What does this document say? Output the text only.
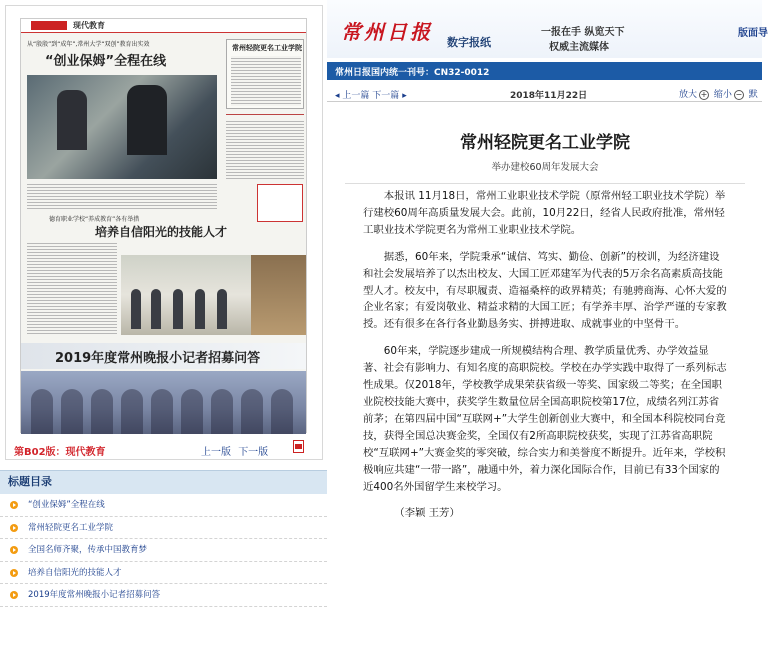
现代教育
从“殷殷”到“成年”,常州大学“双创”教育出实效
“创业保姆”全程在线
常州轻院更名工业学院
德育职业学校“养成教育”各有举措
培养自信阳光的技能人才
2019年度常州晚报小记者招募问答
第B02版：现代教育	上一版 下一版
标题目录
“创业保姆”全程在线
常州轻院更名工业学院
全国名师齐聚，传承中国教育梦
培养自信阳光的技能人才
2019年度常州晚报小记者招募问答
常州日报 数字报纸
一报在手 纵览天下
权威主流媒体
版面导
常州日报国内统一刊号：CN32-0012
◂ 上一篇 下一篇 ▸	2018年11月22日	放大 + 缩小 − 默
常州轻院更名工业学院
举办建校60周年发展大会

本报讯 11月18日，常州工业职业技术学院（原常州轻工职业技术学院）举行建校60周年高质量发展大会。此前，10月22日，经省人民政府批准，常州轻工职业技术学院更名为常州工业职业技术学院。

据悉，60年来，学院秉承“诚信、笃实、勤俭、创新”的校训，为经济建设和社会发展培养了以杰出校友、大国工匠邓建军为代表的5万余名高素质高技能型人才。校友中，有尽职履责、造福桑梓的政界精英；有驰骋商海、心怀大爱的企业名家；有爱岗敬业、精益求精的大国工匠；有学养丰厚、治学严谨的专家教授。还有很多在各行各业勤恳务实、拼搏进取、成就事业的中坚骨干。

60年来，学院逐步建成一所规模结构合理、教学质量优秀、办学效益显著、社会有影响力、有知名度的高职院校。学校在办学实践中取得了一系列标志性成果。仅2018年，学校教学成果荣获省级一等奖、国家级二等奖；在全国职业院校技能大赛中，获奖学生数量位居全国高职院校第17位，成绩名列江苏省前茅；在第四届中国“互联网+”大学生创新创业大赛中，和全国本科院校同台竞技，获得全国总决赛金奖，全国仅有2所高职院校获奖，实现了江苏省高职院校“互联网+”大赛金奖的零突破，综合实力和美誉度不断提升。近年来，学校积极响应共建“一带一路”，融通中外，着力深化国际合作，目前已有33个国家的近400名外国留学生来校学习。

（李颖 王芳）
